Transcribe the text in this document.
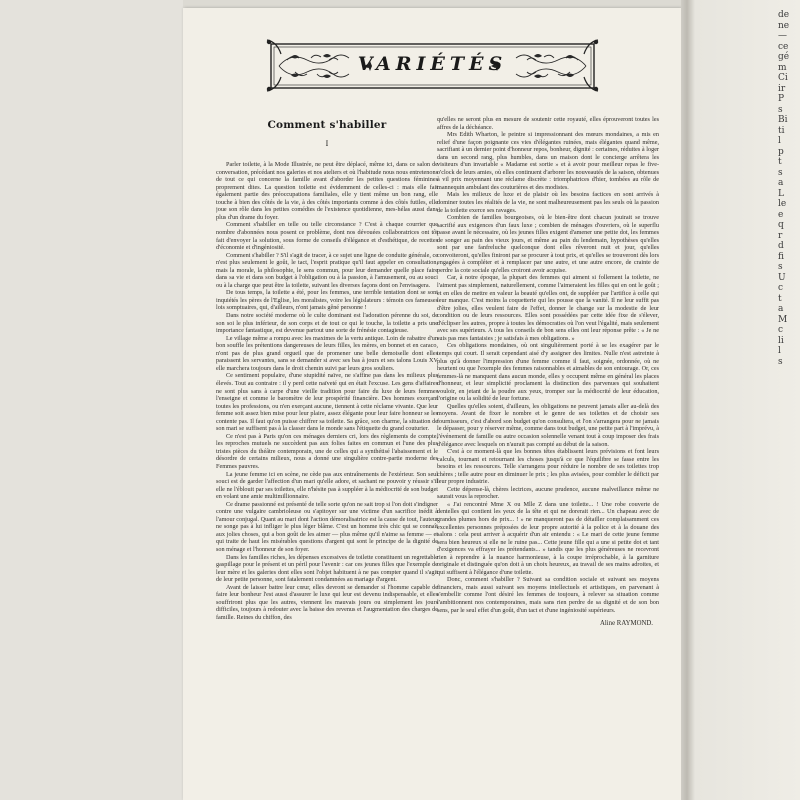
VARIÉTÉS
Comment s'habiller
I

Parler toilette, à la Mode Illustrée, ne peut être déplacé, même ici, dans ce salon de conversation, précédant nos galeries et nos ateliers et où l'habitude nous nous entretenons de tout ce qui concerne la famille avant d'aborder les petites questions féminines proprement dites. La question toilette est évidemment de celles-ci : mais elle fait également partie des préoccupations familiales, elle y tient même un bon rang, elle touche à bien des côtés de la vie, à des côtés importants comme à des côtés futiles, elle joue son rôle dans les petites comédies de l'existence quotidienne, mes-hélas aussi dans plus d'un drame du foyer.

Comment s'habiller en telle ou telle circonstance ? C'est à chaque courrier que nombre d'abonnées nous posent ce problème, dont nos dévouées collaboratrices ont tôt fait d'envoyer la solution, sous forme de conseils d'élégance et d'esthétique, de recettes d'économie et d'ingéniosité.

Comment s'habiller ? S'il s'agit de tracer, à ce sujet une ligne de conduite générale, ce n'est plus seulement le goût, le tact, l'esprit pratique qu'il faut appeler en consultation, mais la morale, la philosophie, le sens commun, pour leur demander quelle place faire dans sa vie et dans son budget à l'obligation ou à la passion, à l'amusement, ou au souci ou à la charge que peut être la toilette, suivant les diverses façons dont on l'envisagera.

De tous temps, la toilette a été, pour les femmes, une terrible tentation dont se sont inquiétés les pères de l'Eglise, les moralistes, voire les législateurs : témoin ces fameuses lois somptuaires, qui, d'ailleurs, n'ont jamais gêné personne !

Dans notre société moderne où le culte dominant est l'adoration pérenne du soi, de son soi le plus inférieur, de son corps et de tout ce qui le touche, la toilette a pris une importance fantastique, est devenue partout une sorte de frénésie contagieuse.

Le village même a rompu avec les maximes de la vertu antique. Loin de rabattre d'un bon souffle les prétentions dangereuses de leurs filles, les mères, en bonnet et en caraco, n'ont pas de plus grand orgueil que de promener une belle demoiselle dont elles paraissent les servantes, sans se demander si avec ses bas à jours et ses talons Louis XV elle marchera toujours dans le droit chemin suivi par leurs gros souliers.

Ce sentiment populaire, d'une stupidité naïve, ne s'affine pas dans les milieux plus élevés. Tout au contraire : il y perd cette naïveté qui en était l'excuse. Les gens d'affaires ne sont plus sans à carpe d'une vieille tradition pour faire du luxe de leurs femmes l'enseigne et comme le baromètre de leur prospérité financière. Des hommes exerçant toutes les professions, ou n'en exerçant aucune, tiennent à cette réclame vivante. Que leur femme soit assez bien mise pour leur plaire, assez élégante pour leur faire honneur se les contente pas. Il faut qu'on puisse chiffrer sa toilette. Sa grâce, son charme, la situation de son mari se suffisent pas à la classer dans le monde sans l'étiquette du grand couturier.

Ce n'est pas à Paris qu'on ces ménages derniers cri, lors des règlements de compte, les reproches mutuels ne succèdent pas aux folies faites en commun et l'une des plus tristes pièces du théâtre contemporain, une de celles qui a synthétisé l'abaissement et le désordre de certains milieux, nous a donné une singulière contre-partie moderne des Femmes pauvres.

La jeune femme ici en scène, ne cède pas aux entraînements de l'extérieur. Son seul souci est de garder l'affection d'un mari qu'elle adore, et sachant ne pouvoir y réussir s'il elle ne l'éblouit par ses toilettes, elle n'hésite pas à suppléer à la médiocrité de son budget en volant une amie multimillionnaire.

Ce drame passionné est présenté de telle sorte qu'on ne sait trop si l'on doit s'indigner contre une vulgaire cambrioleuse ou s'apitoyer sur une victime d'un sacrifice inédit à l'amour conjugal. Quant au mari dont l'action démoralisatrice est la cause de tout, l'auteur ne songe pas à lui infliger le plus léger blâme. C'est un homme très chic qui se connaît aux jolies choses, qui a bon goût de les aimer — plus même qu'il n'aime sa femme — et qui traite de haut les misérables questions d'argent qui sont le principe de la dignité de son ménage et l'honneur de son foyer.

Dans les familles riches, les dépenses excessives de toilette constituent un regrettable gaspillage pour le présent et un péril pour l'avenir : car ces jeunes filles que l'exemple de leur mère et les galeries dont elles sont l'objet habituent à ne pas compter quand il s'agit de leur petite personne, sont fatalement condamnées au mariage d'argent.

Avant de laisser battre leur cœur, elles devront se demander si l'homme capable de faire leur bonheur l'est aussi d'assurer le luxe qui leur est devenu indispensable, et elles souffriront plus que les autres, viennent les mauvais jours ou simplement les jours difficiles, toujours à redouter avec la baisse des revenus et l'augmentation des charges de famille. Reines du chiffon, des

qu'elles ne seront plus en mesure de soutenir cette royauté, elles éprouveront toutes les affres de la déchéance.

Mrs Edith Wharton, le peintre si impressionnant des mœurs mondaines, a mis en relief d'une façon poignante ces vies d'élégantes ruinées, mais élégantes quand même, sacrifiant à un dernier point d'honneur repos, bonheur, dignité : certaines, réduites à loger dans un second rang, plus humbles, dans un maison dont le concierge arrêtera les visiteurs d'un invariable « Madame est sortie » et à avoir pour meilleur repas le five-o'clock de leurs amies, où elles continuent d'arborer les nouveautés de la saison, obtenues à vil prix moyennant une réclame discrète : triomphatrices d'hier, tombées au rôle de mannequin ambulant des couturières et des modistes.

Mais les milieux de luxe et de plaisir où les besoins factices en sont arrivés à dominer toutes les réalités de la vie, ne sont malheureusement pas les seuls où la passion de la toilette exerce ses ravages.

Combien de familles bourgeoises, où le bien-être dont chacun jouirait se trouve sacrifié aux exigences d'un faux luxe ; combien de ménages d'ouvriers, où le superflu passe avant le nécessaire, où les jeunes filles exigent d'amener une petite dot, les femmes de songer au pain des vieux jours, et même au pain du lendemain, hypothèses qu'elles sont par une fanfreluche quelconque dont elles rêveront nuit et jour, qu'elles convoiteront, qu'elles finiront par se procurer à tout prix, et qu'elles se trouveront dès lors engagées à compléter et à remplacer par une autre, et une autre encore, de crainte de perdre la cote sociale qu'elles croiront avoir acquise.

Car, à notre époque, la plupart des femmes qui aiment si follement la toilette, ne l'aiment pas simplement, naturellement, comme l'aimeraient les filles qui en ont le goût ; et en elles de mettre en valeur la beauté qu'elles ont, de suppléer par l'artifice à celle qui leur manque. C'est moins la coquetterie qui les pousse que la vanité. Il ne leur suffit pas d'être jolies, elles veulent faire de l'effet, donner le change sur la modestie de leur condition ou de leurs ressources. Elles sont possédées par cette idée fixe de s'élever, d'éclipser les autres, propre à toutes les démocraties où l'on veut l'égalité, mais seulement avec ses supérieurs. A tous les conseils de bon sens elles ont leur réponse prête : « Je ne suis pas mes fantaisies ; je satisfais à mes obligations. »

Ces obligations mondaines, où ont singulièrement porté à se les exagérer par le temps qui court. Il serait cependant aisé d'y assigner des limites. Nulle n'est astreinte à plus qu'à donner l'impression d'une femme comme il faut, soignée, ordonnée, où ne heurtent ou que l'exemple des femmes raisonnables et aimables de son entourage. Or, ces femmes-là ne manquent dans aucun monde, elles y occupent même en général les places d'honneur, et leur simplicité proclament la distinction des parvenues qui souhaitent vouloir, en jetant de la poudre aux yeux, tromper sur la médiocrité de leur éducation, l'origine ou la solidité de leur fortune.

Quelles qu'elles soient, d'ailleurs, les obligations ne peuvent jamais aller au-delà des moyens. Avant de fixer le nombre et le genre de ses toilettes et de choisir ses fournisseurs, c'est d'abord son budget qu'on consultera, et l'on s'arrangera pour ne jamais le dépasser, pour y réserver même, comme dans tout budget, une petite part à l'imprévu, à l'événement de famille ou autre occasion solennelle venant tout à coup imposer des frais d'élégance avec lesquels on n'aurait pas compté au début de la saison.

C'est à ce moment-là que les bonnes têtes établissent leurs prévisions et font leurs calculs, tournant et retournant les choses jusqu'à ce que l'équilibre se fasse entre les besoins et les ressources. Telle s'arrangera pour réduire le nombre de ses toilettes trop chères ; telle autre pour en diminuer le prix ; les plus avisées, pour combler le déficit par leur propre industrie.

Cette dépense-là, chères lectrices, aucune prudence, aucune malveillance même ne saurait vous la reprocher.

« J'ai rencontré Mme X ou Mlle Z dans une toilette... ! Une robe couverte de dentelles qui contient les yeux de la tête et qui ne dorerait rien... Un chapeau avec de grandes plumes hors de prix... ! » ne manqueront pas de détailler complaisamment ces excellentes personnes préposées de leur propre autorité à la police et à la douane des salons : cela peut arriver à acquérir d'un air entendu : « Le mari de cette jeune femme sera bien heureux si elle ne le ruine pas... Cette jeune fille qui a une si petite dot et tant d'exigences va effrayer les prétendants... » tandis que les plus généreuses ne recevront rien à reprendre à la nuance harmonieuse, à la coupe irréprochable, à la garniture originale et distinguée qu'on doit à un choix heureux, au travail de ses mains adroites, et qui suffisent à l'élégance d'une toilette.

Donc, comment s'habiller ? Suivant sa condition sociale et suivant ses moyens financiers, mais aussi suivant ses moyens intellectuels et artistiques, en parvenant à s'embellir comme l'ont désiré les femmes de toujours, à relever sa situation comme l'ambitionnent nos contemporaines, mais sans rien perdre de sa dignité et de son bon sens, par le seul effet d'un goût, d'un tact et d'une ingéniosité supérieurs.

Aline RAYMOND.
de
ne
—
ce
gé
m
Ci
ir
P
s
Bi
ti
l
p
t
s
a
L
le
e
q
r
d
fi
s
U
c
t
a
M
c
li
l
s
